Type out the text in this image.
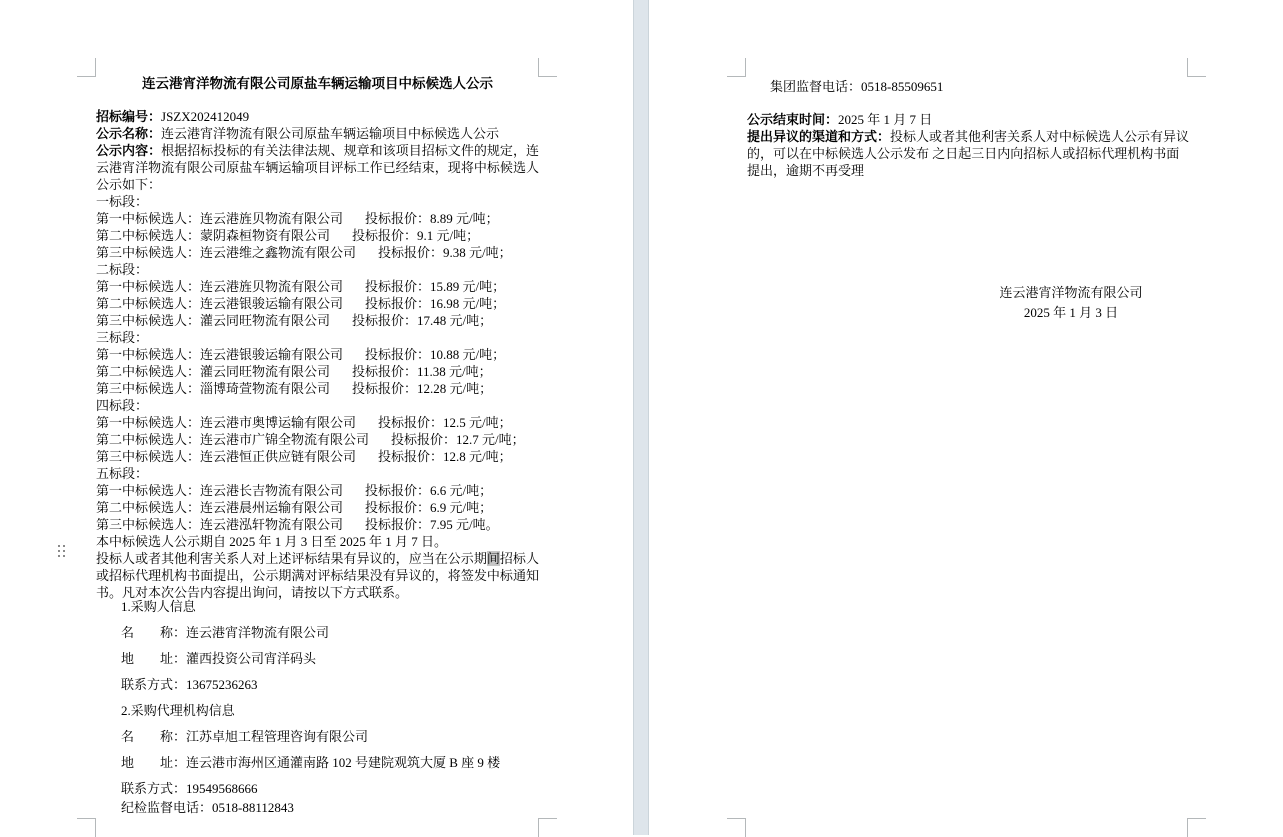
连云港宵洋物流有限公司原盐车辆运输项目中标候选人公示
招标编号：JSZX202412049
公示名称：连云港宵洋物流有限公司原盐车辆运输项目中标候选人公示
公示内容：根据招标投标的有关法律法规、规章和该项目招标文件的规定，连云港宵洋物流有限公司原盐车辆运输项目评标工作已经结束，现将中标候选人公示如下：
一标段：
第一中标候选人：连云港旌贝物流有限公司 投标报价：8.89 元/吨；
第二中标候选人：蒙阴森桓物资有限公司 投标报价：9.1 元/吨；
第三中标候选人：连云港维之鑫物流有限公司 投标报价：9.38 元/吨；
二标段：
第一中标候选人：连云港旌贝物流有限公司 投标报价：15.89 元/吨；
第二中标候选人：连云港银骏运输有限公司 投标报价：16.98 元/吨；
第三中标候选人：灌云同旺物流有限公司 投标报价：17.48 元/吨；
三标段：
第一中标候选人：连云港银骏运输有限公司 投标报价：10.88 元/吨；
第二中标候选人：灌云同旺物流有限公司 投标报价：11.38 元/吨；
第三中标候选人：淄博琦萱物流有限公司 投标报价：12.28 元/吨；
四标段：
第一中标候选人：连云港市奥博运输有限公司 投标报价：12.5 元/吨；
第二中标候选人：连云港市广锦全物流有限公司 投标报价：12.7 元/吨；
第三中标候选人：连云港恒正供应链有限公司 投标报价：12.8 元/吨；
五标段：
第一中标候选人：连云港长吉物流有限公司 投标报价：6.6 元/吨；
第二中标候选人：连云港晨州运输有限公司 投标报价：6.9 元/吨；
第三中标候选人：连云港泓轩物流有限公司 投标报价：7.95 元/吨。
本中标候选人公示期自 2025 年 1 月 3 日至 2025 年 1 月 7 日。
投标人或者其他利害关系人对上述评标结果有异议的，应当在公示期间招标人或招标代理机构书面提出，公示期满对评标结果没有异议的，将签发中标通知书。凡对本次公告内容提出询问，请按以下方式联系。
1.采购人信息
名　　称：连云港宵洋物流有限公司
地　　址：灌西投资公司宵洋码头
联系方式：13675236263
2.采购代理机构信息
名　　称：江苏卓旭工程管理咨询有限公司
地　　址：连云港市海州区通灌南路 102 号建院观筑大厦 B 座 9 楼
联系方式：19549568666
纪检监督电话：0518-88112843
集团监督电话：0518-85509651
公示结束时间：2025 年 1 月 7 日
提出异议的渠道和方式：投标人或者其他利害关系人对中标候选人公示有异议的，可以在中标候选人公示发布 之日起三日内向招标人或招标代理机构书面提出，逾期不再受理
连云港宵洋物流有限公司
2025 年 1 月 3 日
